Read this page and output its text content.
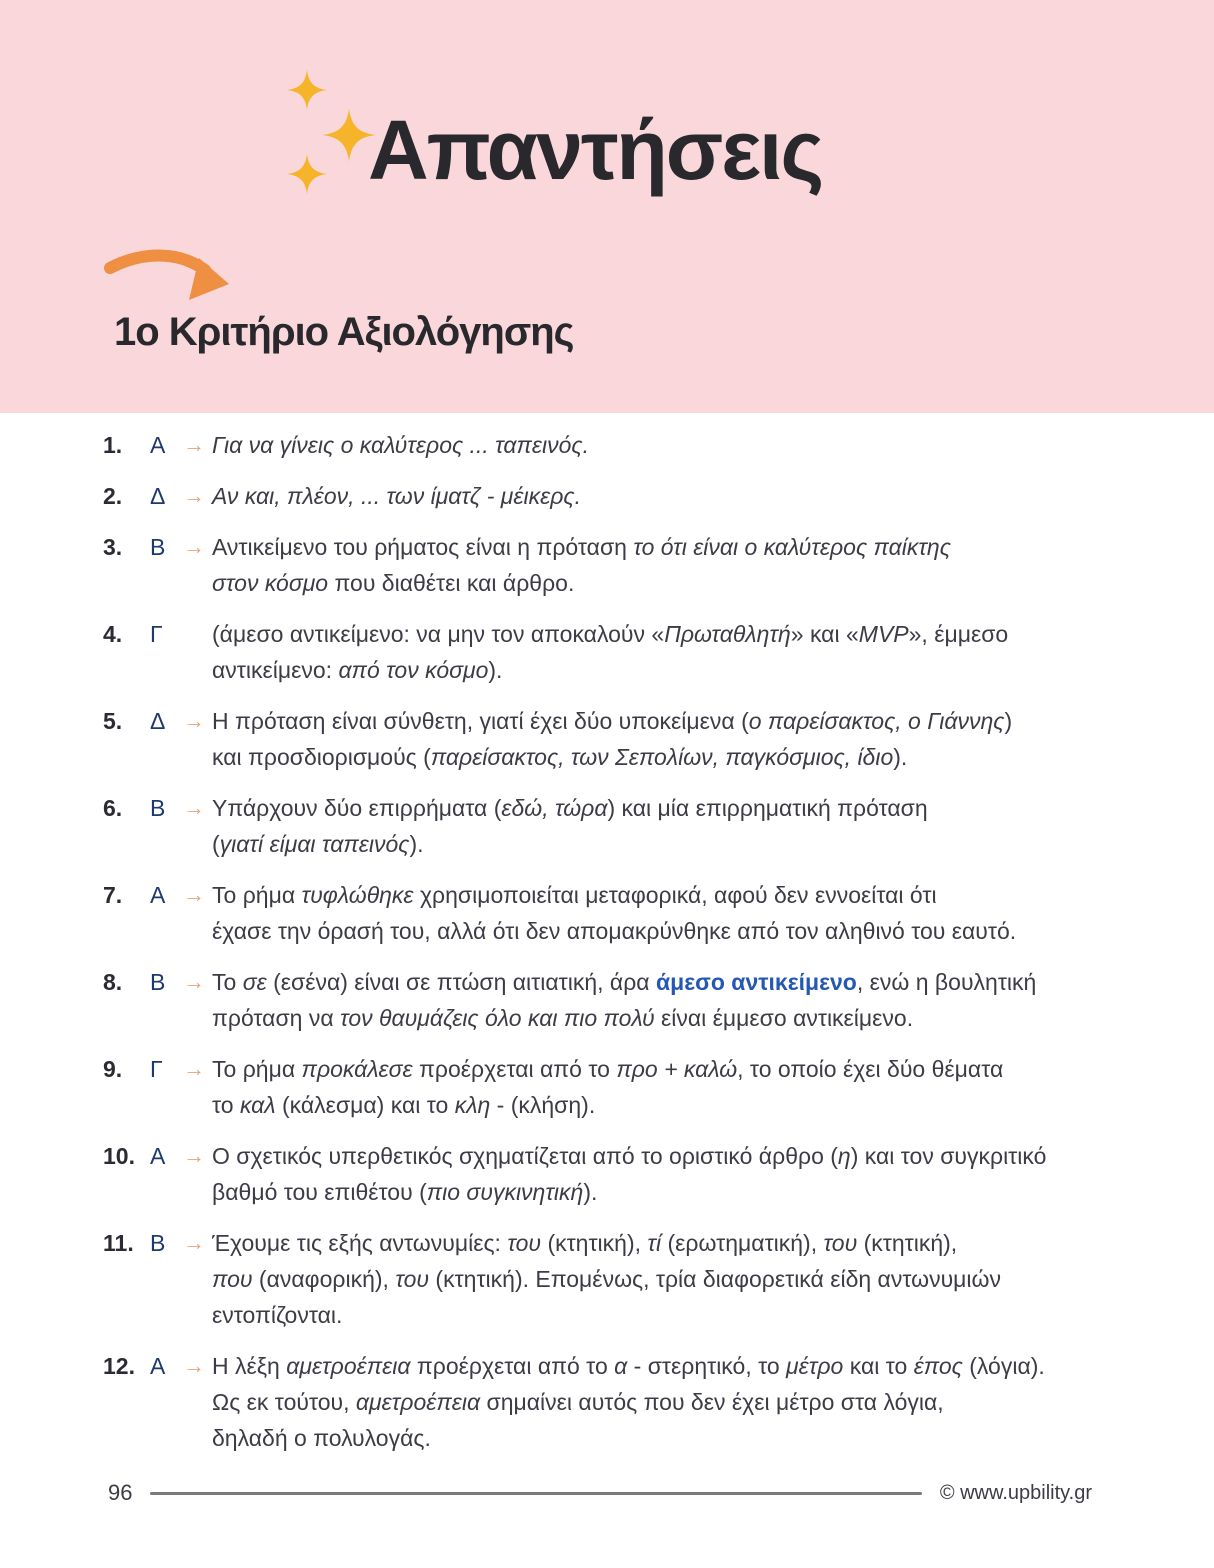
Απαντήσεις
1ο Κριτήριο Αξιολόγησης
1.	Α → Για να γίνεις ο καλύτερος ... ταπεινός.
2.	Δ → Αν και, πλέον, ... των ίματζ - μέικερς.
3.	Β → Αντικείμενο του ρήματος είναι η πρόταση το ότι είναι ο καλύτερος παίκτης
στον κόσμο που διαθέτει και άρθρο.
4.	Γ	(άμεσο αντικείμενο: να μην τον αποκαλούν «Πρωταθλητή» και «MVP», έμμεσο
αντικείμενο: από τον κόσμο).
5.	Δ → Η πρόταση είναι σύνθετη, γιατί έχει δύο υποκείμενα (ο παρείσακτος, ο Γιάννης)
και προσδιορισμούς (παρείσακτος, των Σεπολίων, παγκόσμιος, ίδιο).
6.	Β → Υπάρχουν δύο επιρρήματα (εδώ, τώρα) και μία επιρρηματική πρόταση
(γιατί είμαι ταπεινός).
7.	Α → Το ρήμα τυφλώθηκε χρησιμοποιείται μεταφορικά, αφού δεν εννοείται ότι
έχασε την όρασή του, αλλά ότι δεν απομακρύνθηκε από τον αληθινό του εαυτό.
8.	Β → Το σε (εσένα) είναι σε πτώση αιτιατική, άρα άμεσο αντικείμενο, ενώ η βουλητική
πρόταση να τον θαυμάζεις όλο και πιο πολύ είναι έμμεσο αντικείμενο.
9.	Γ → Το ρήμα προκάλεσε προέρχεται από το προ + καλώ, το οποίο έχει δύο θέματα
το καλ (κάλεσμα) και το κλη - (κλήση).
10. Α → Ο σχετικός υπερθετικός σχηματίζεται από το οριστικό άρθρο (η) και τον συγκριτικό
βαθμό του επιθέτου (πιο συγκινητική).
11. Β → Έχουμε τις εξής αντωνυμίες: του (κτητική), τί (ερωτηματική), του (κτητική),
που (αναφορική), του (κτητική). Επομένως, τρία διαφορετικά είδη αντωνυμιών
εντοπίζονται.
12. Α → Η λέξη αμετροέπεια προέρχεται από το α - στερητικό, το μέτρο και το έπος (λόγια).
Ως εκ τούτου, αμετροέπεια σημαίνει αυτός που δεν έχει μέτρο στα λόγια,
δηλαδή ο πολυλογάς.
96	© www.upbility.gr
